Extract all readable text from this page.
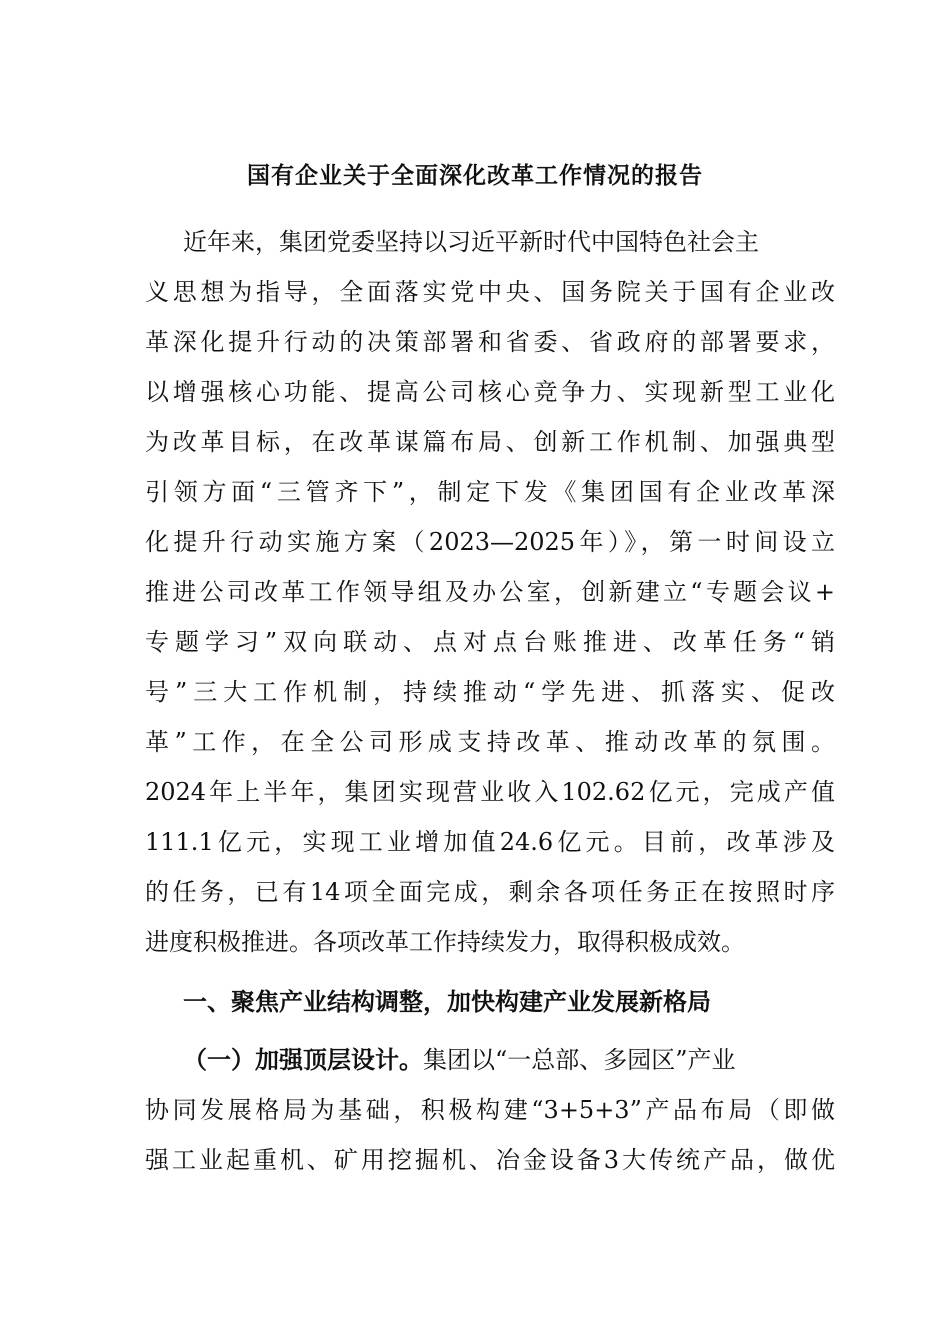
国有企业关于全面深化改革工作情况的报告
近年来，集团党委坚持以习近平新时代中国特色社会主
义思想为指导，全面落实党中央、国务院关于国有企业改
革深化提升行动的决策部署和省委、省政府的部署要求，
以增强核心功能、提高公司核心竞争力、实现新型工业化
为改革目标，在改革谋篇布局、创新工作机制、加强典型
引领方面“三管齐下”，制定下发《集团国有企业改革深
化提升行动实施方案（2023—2025年）》，第一时间设立
推进公司改革工作领导组及办公室，创新建立“专题会议+
专题学习”双向联动、点对点台账推进、改革任务“销
号”三大工作机制，持续推动“学先进、抓落实、促改
革”工作，在全公司形成支持改革、推动改革的氛围。
2024年上半年，集团实现营业收入102.62亿元，完成产值
111.1亿元，实现工业增加值24.6亿元。目前，改革涉及
的任务，已有14项全面完成，剩余各项任务正在按照时序
进度积极推进。各项改革工作持续发力，取得积极成效。
一、聚焦产业结构调整，加快构建产业发展新格局
（一）加强顶层设计。集团以“一总部、多园区”产业
协同发展格局为基础，积极构建“3+5+3”产品布局（即做
强工业起重机、矿用挖掘机、冶金设备3大传统产品，做优
